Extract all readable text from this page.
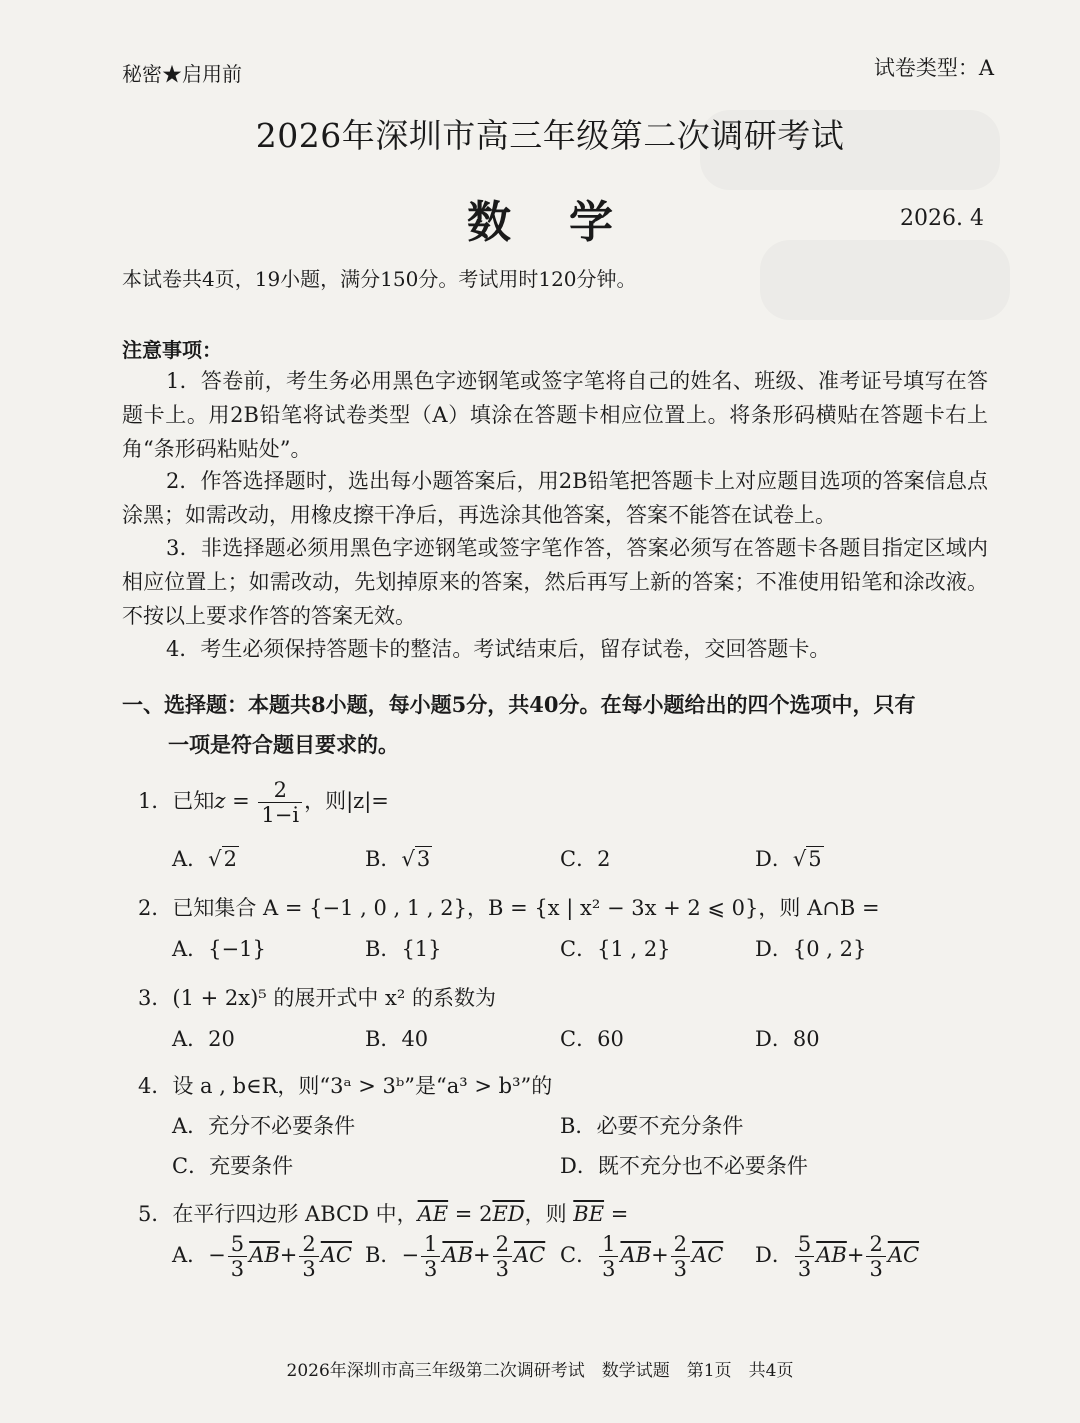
秘密★启用前	试卷类型：A
2026年深圳市高三年级第二次调研考试
数学	2026. 4
本试卷共4页，19小题，满分150分。考试用时120分钟。
注意事项：
1．答卷前，考生务必用黑色字迹钢笔或签字笔将自己的姓名、班级、准考证号填写在答题卡上。用2B铅笔将试卷类型（A）填涂在答题卡相应位置上。将条形码横贴在答题卡右上角“条形码粘贴处”。
2．作答选择题时，选出每小题答案后，用2B铅笔把答题卡上对应题目选项的答案信息点涂黑；如需改动，用橡皮擦干净后，再选涂其他答案，答案不能答在试卷上。
3．非选择题必须用黑色字迹钢笔或签字笔作答，答案必须写在答题卡各题目指定区域内相应位置上；如需改动，先划掉原来的答案，然后再写上新的答案；不准使用铅笔和涂改液。不按以上要求作答的答案无效。
4．考生必须保持答题卡的整洁。考试结束后，留存试卷，交回答题卡。
一、选择题：本题共8小题，每小题5分，共40分。在每小题给出的四个选项中，只有
一项是符合题目要求的。
1．已知$z = \frac{2}{1-i}$ ，则|z|=
A．√2	B．√3	C．2	D．√5
2．已知集合 A = {−1 , 0 , 1 , 2}，B = {x | x² − 3x + 2 ⩽ 0}，则 A∩B =
A．{−1}	B．{1}	C．{1 , 2}	D．{0 , 2}
3．(1 + 2x)⁵ 的展开式中 x² 的系数为
A．20	B．40	C．60	D．80
4．设 a , b∈R，则“3ᵃ > 3ᵇ”是“a³ > b³”的
A．充分不必要条件	B．必要不充分条件
C．充要条件	D．既不充分也不必要条件
5．在平行四边形 ABCD 中，$\overline{AE} = 2\overline{ED}$，则 $\overline{BE}$ =
A．− $\frac{5}{3} \overline{AB}+ \frac{2}{3} \overline{AC}$ B．− $\frac{1}{3} \overline{AB}+ \frac{2}{3} \overline{AC}$ C． $\frac{1}{3} \overline{AB}+ \frac{2}{3} \overline{AC}$ D． $\frac{5}{3} \overline{AB}+ \frac{2}{3} \overline{AC}$
2026年深圳市高三年级第二次调研考试　数学试题　第1页　共4页
